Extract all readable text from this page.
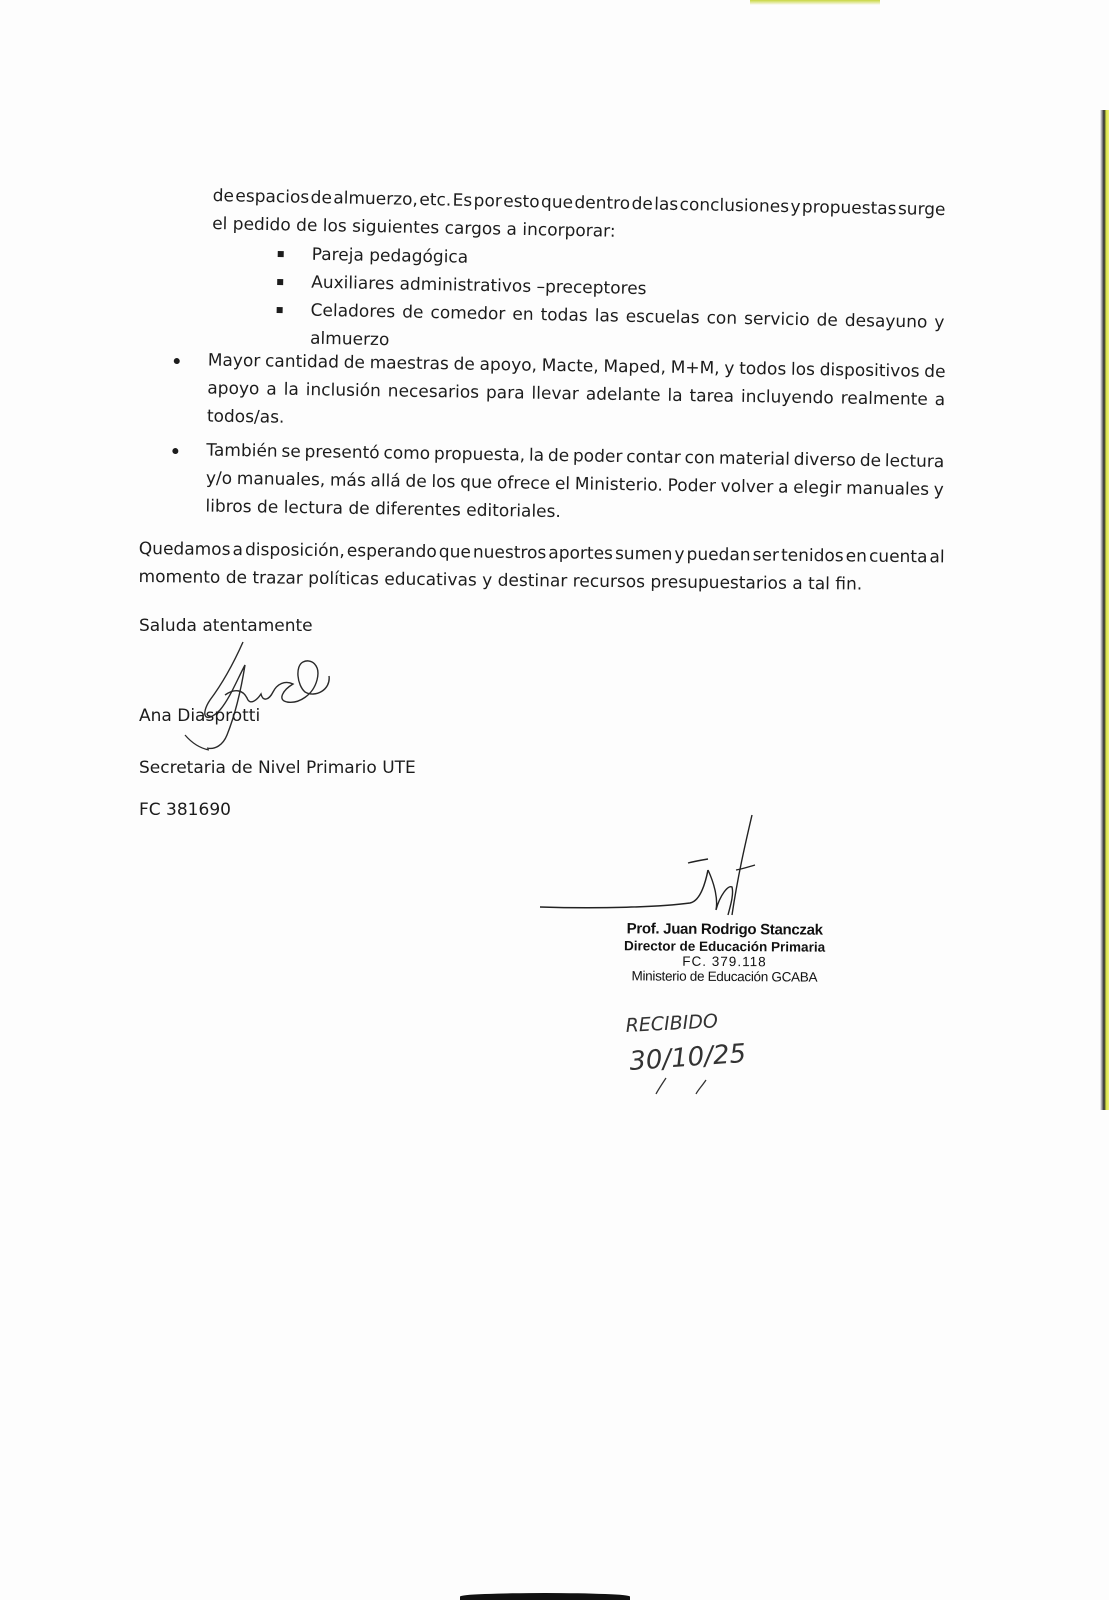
de espacios de almuerzo, etc. Es por esto que dentro de las conclusiones y propuestas surge
el pedido de los siguientes cargos a incorporar:
Pareja pedagógica
Auxiliares administrativos –preceptores
Celadores de comedor en todas las escuelas con servicio de desayuno y
almuerzo
Mayor cantidad de maestras de apoyo, Macte, Maped, M+M, y todos los dispositivos de
apoyo a la inclusión necesarios para llevar adelante la tarea incluyendo realmente a
todos/as.
También se presentó como propuesta, la de poder contar con material diverso de lectura
y/o manuales, más allá de los que ofrece el Ministerio. Poder volver a elegir manuales y
libros de lectura de diferentes editoriales.
Quedamos a disposición, esperando que nuestros aportes sumen y puedan ser tenidos en cuenta al
momento de trazar políticas educativas y destinar recursos presupuestarios a tal fin.
Saluda atentamente
Ana Diasprotti
Secretaria de Nivel Primario UTE
FC 381690
Prof. Juan Rodrigo Stanczak
Director de Educación Primaria
FC. 379.118
Ministerio de Educación GCABA
RECIBIDO
30/10/25
